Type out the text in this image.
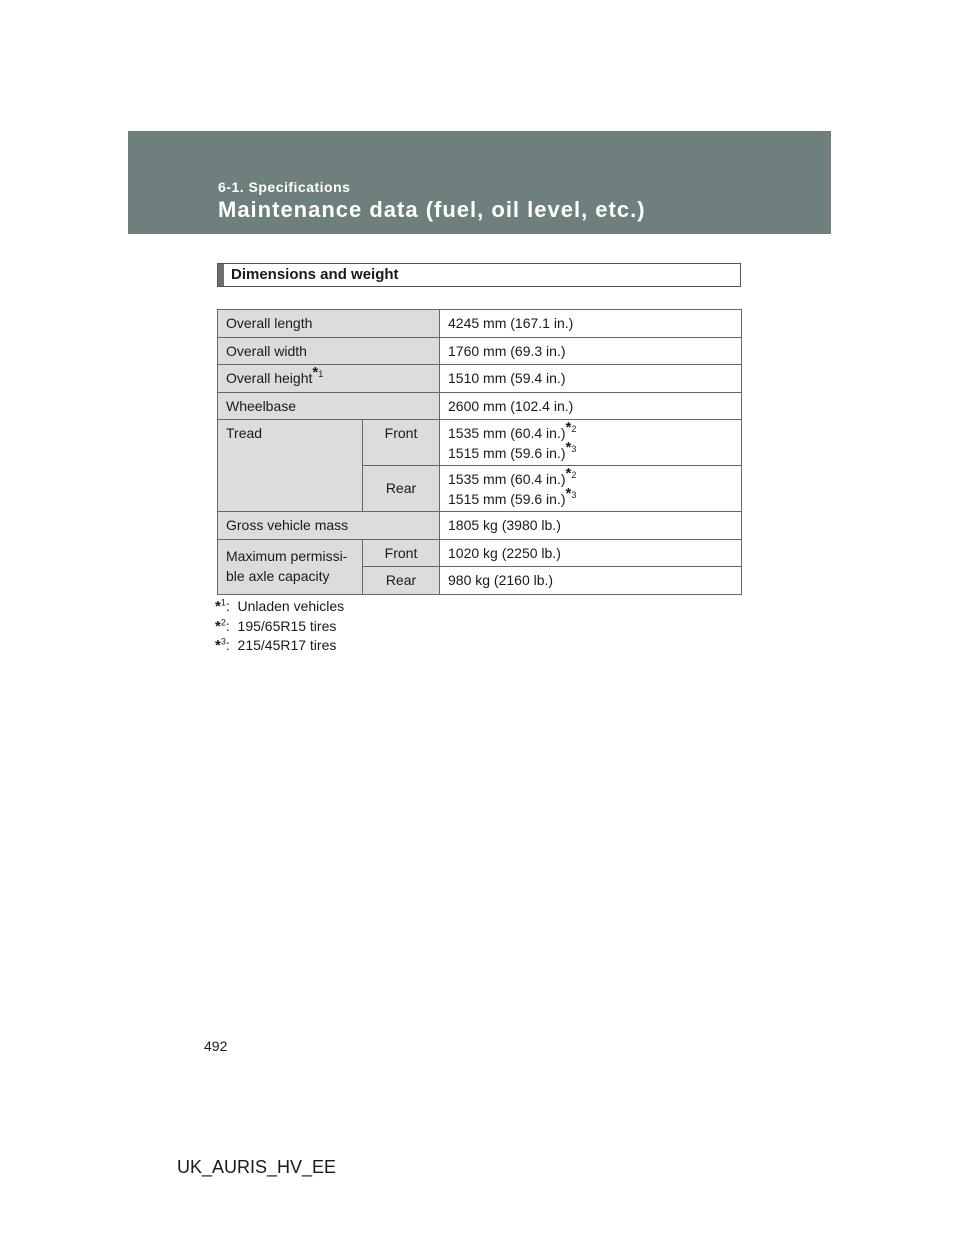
6-1. Specifications
Maintenance data (fuel, oil level, etc.)
Dimensions and weight
Overall length		4245 mm (167.1 in.)
Overall width		1760 mm (69.3 in.)
Overall height$^{*1}$		1510 mm (59.4 in.)
Wheelbase		2600 mm (102.4 in.)
Tread	Front	1535 mm (60.4 in.)$^{*2}$
1515 mm (59.6 in.)$^{*3}$
	Rear	1535 mm (60.4 in.)$^{*2}$
1515 mm (59.6 in.)$^{*3}$
Gross vehicle mass		1805 kg (3980 lb.)
Maximum permissi-
ble axle capacity	Front	1020 kg (2250 lb.)
	Rear	980 kg (2160 lb.)
*$^1$:  Unladen vehicles
*$^2$:  195/65R15 tires
*$^3$:  215/45R17 tires
492
UK_AURIS_HV_EE
